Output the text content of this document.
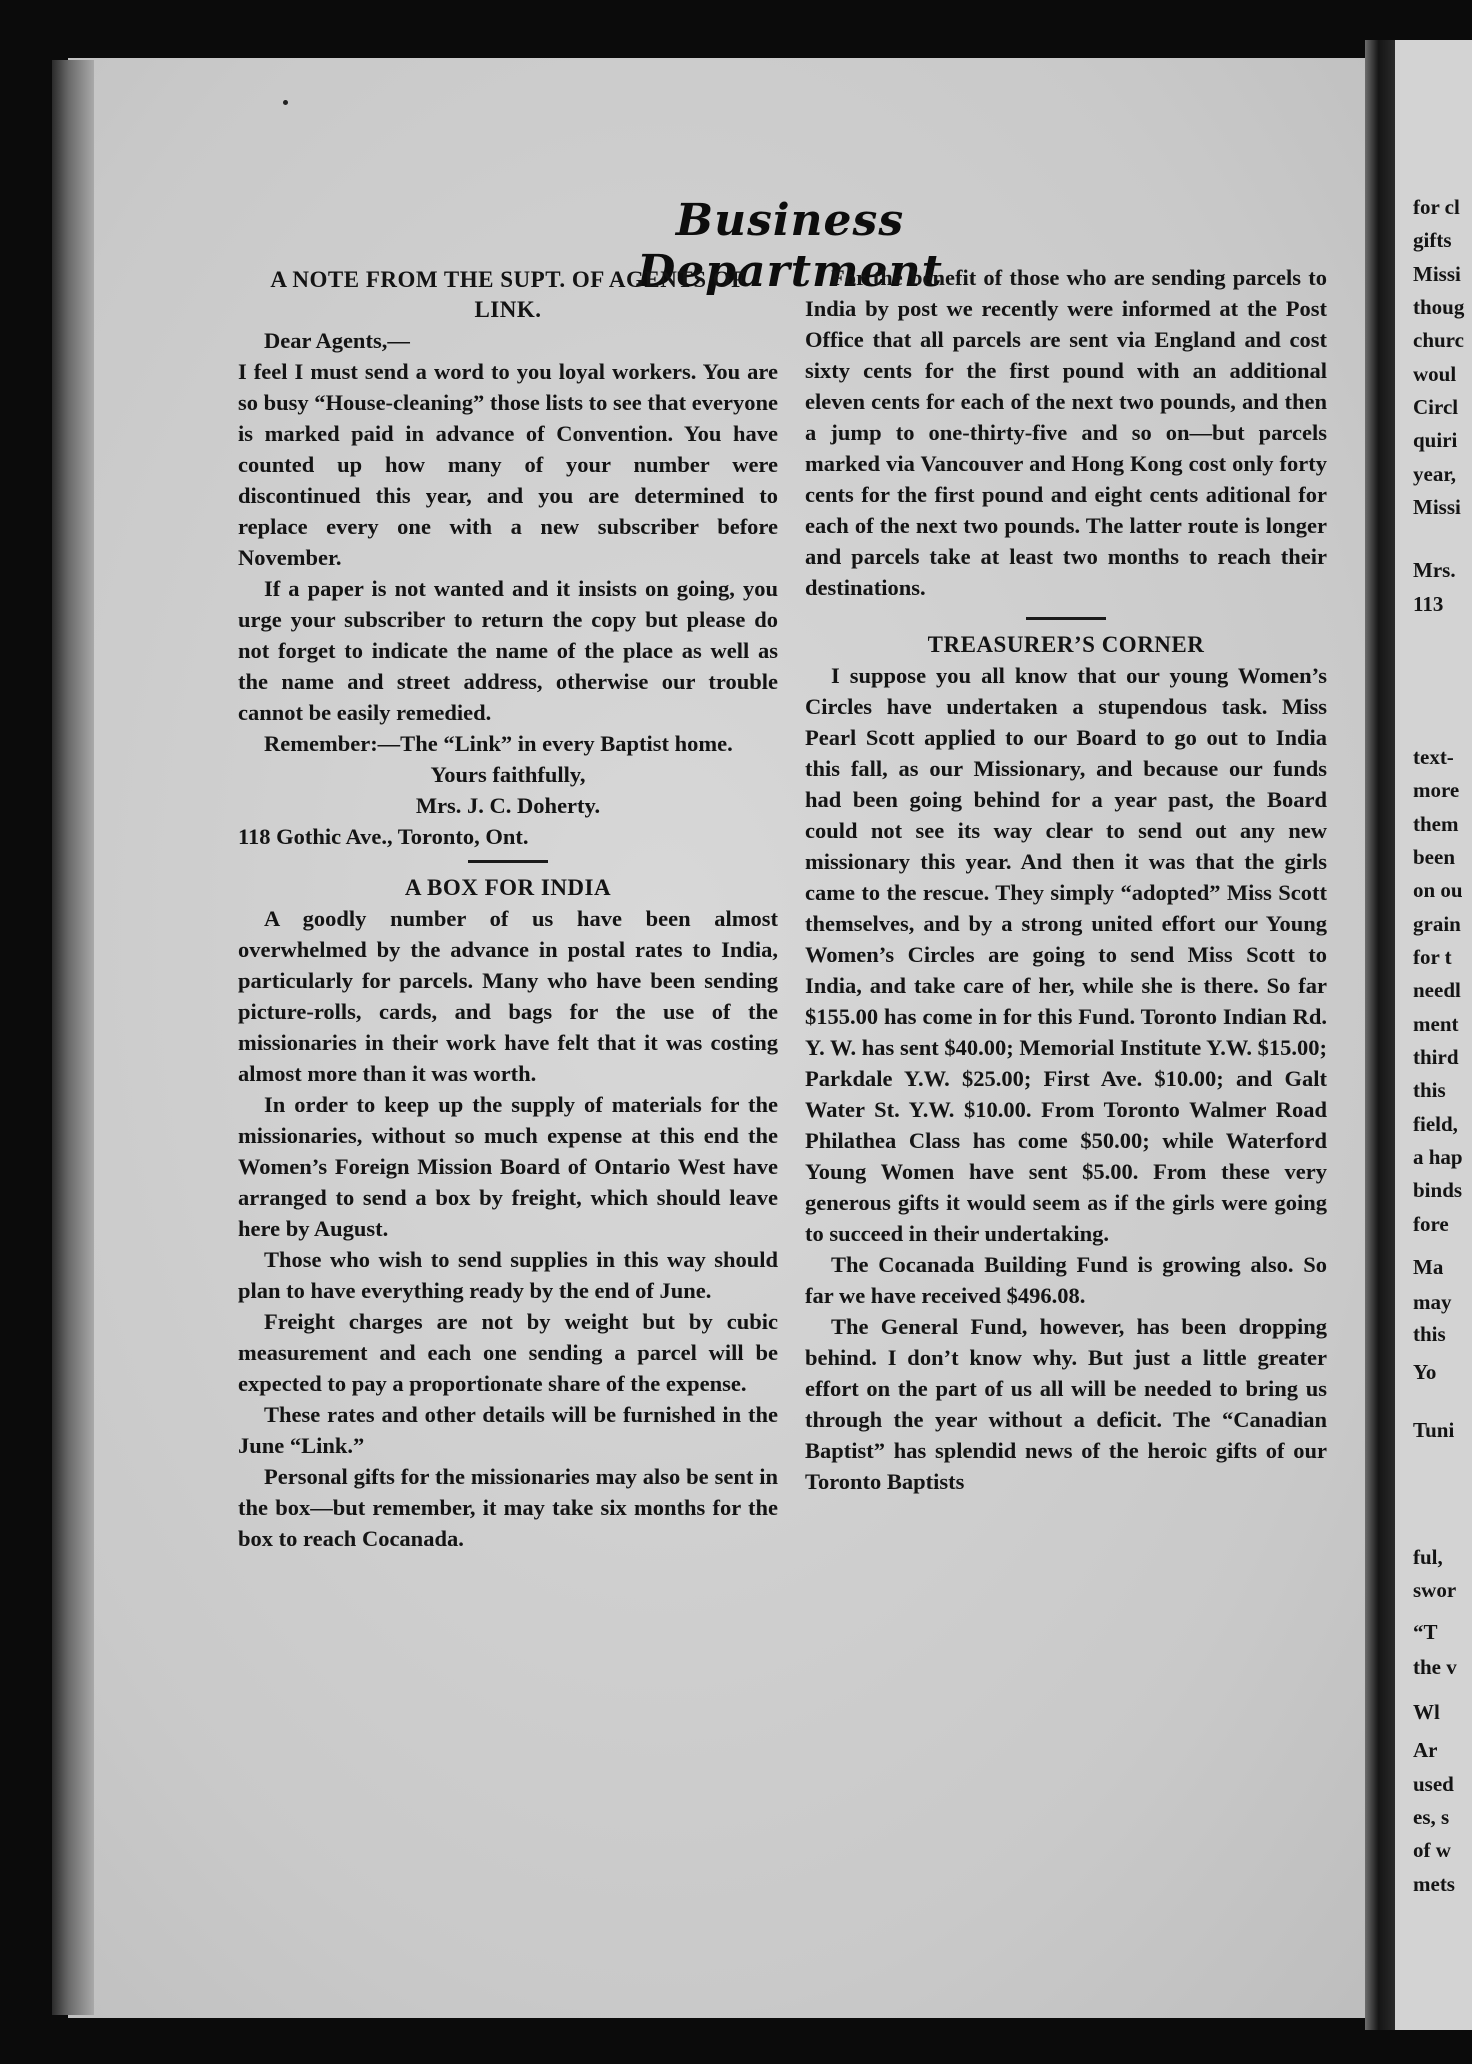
Business Department
A NOTE FROM THE SUPT. OF AGENTS OF LINK.

Dear Agents,—

I feel I must send a word to you loyal workers. You are so busy “House-cleaning” those lists to see that everyone is marked paid in advance of Convention. You have counted up how many of your number were discontinued this year, and you are determined to replace every one with a new subscriber before November.

If a paper is not wanted and it insists on going, you urge your subscriber to return the copy but please do not forget to indicate the name of the place as well as the name and street address, otherwise our trouble cannot be easily remedied.

Remember:—The “Link” in every Baptist home.

Yours faithfully,

Mrs. J. C. Doherty.

118 Gothic Ave., Toronto, Ont.

A BOX FOR INDIA

A goodly number of us have been almost overwhelmed by the advance in postal rates to India, particularly for parcels. Many who have been sending picture-rolls, cards, and bags for the use of the missionaries in their work have felt that it was costing almost more than it was worth.

In order to keep up the supply of materials for the missionaries, without so much expense at this end the Women’s Foreign Mission Board of Ontario West have arranged to send a box by freight, which should leave here by August.

Those who wish to send supplies in this way should plan to have everything ready by the end of June.

Freight charges are not by weight but by cubic measurement and each one sending a parcel will be expected to pay a proportionate share of the expense.

These rates and other details will be furnished in the June “Link.”

Personal gifts for the missionaries may also be sent in the box—but remember, it may take six months for the box to reach Cocanada.

For the benefit of those who are sending parcels to India by post we recently were informed at the Post Office that all parcels are sent via England and cost sixty cents for the first pound with an additional eleven cents for each of the next two pounds, and then a jump to one-thirty-five and so on—but parcels marked via Vancouver and Hong Kong cost only forty cents for the first pound and eight cents aditional for each of the next two pounds. The latter route is longer and parcels take at least two months to reach their destinations.

TREASURER’S CORNER

I suppose you all know that our young Women’s Circles have undertaken a stupendous task. Miss Pearl Scott applied to our Board to go out to India this fall, as our Missionary, and because our funds had been going behind for a year past, the Board could not see its way clear to send out any new missionary this year. And then it was that the girls came to the rescue. They simply “adopted” Miss Scott themselves, and by a strong united effort our Young Women’s Circles are going to send Miss Scott to India, and take care of her, while she is there. So far $155.00 has come in for this Fund. Toronto Indian Rd. Y. W. has sent $40.00; Memorial Institute Y.W. $15.00; Parkdale Y.W. $25.00; First Ave. $10.00; and Galt Water St. Y.W. $10.00. From Toronto Walmer Road Philathea Class has come $50.00; while Waterford Young Women have sent $5.00. From these very generous gifts it would seem as if the girls were going to succeed in their undertaking.

The Cocanada Building Fund is growing also. So far we have received $496.08.

The General Fund, however, has been dropping behind. I don’t know why. But just a little greater effort on the part of us all will be needed to bring us through the year without a deficit. The “Canadian Baptist” has splendid news of the heroic gifts of our Toronto Baptists

for cl
gifts
Missi
thoug
churc
woul
Circl
quiri
year,
Missi
Mrs.
113
text-
more
them
been
on ou
grain
for t
needl
ment
third
this
field,
a hap
binds
fore
Ma
may
this
Yo
Tuni
ful,
swor
“T
the v
Wl
Ar
used
es, s
of w
mets
